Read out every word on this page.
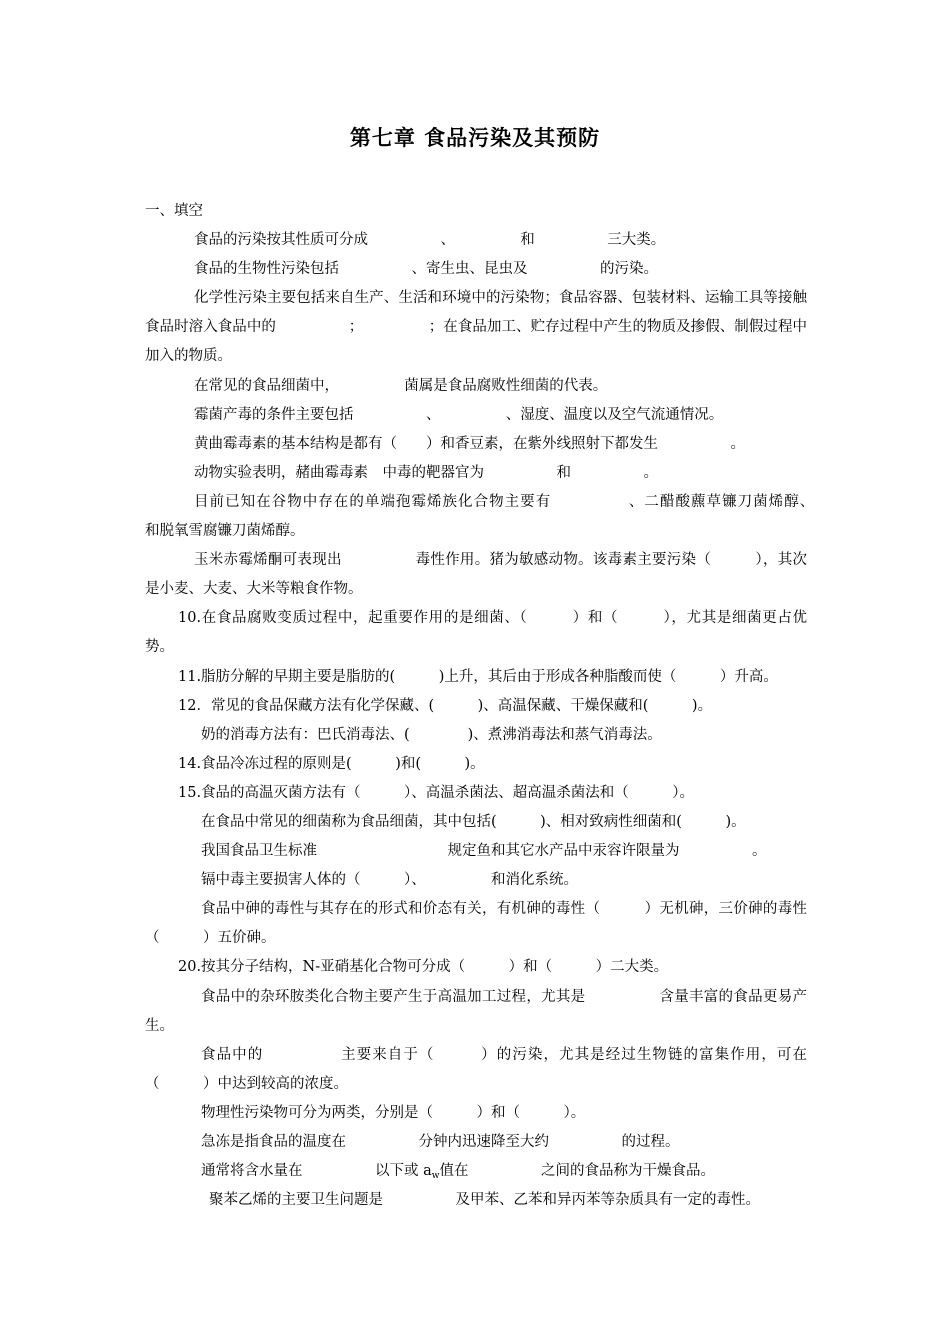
第七章 食品污染及其预防

一、填空

食品的污染按其性质可分成　　　　　、　　　　　和　　　　　三大类。

食品的生物性污染包括　　　　　、寄生虫、昆虫及　　　　　的污染。

化学性污染主要包括来自生产、生活和环境中的污染物；食品容器、包装材料、运输工具等接触食品时溶入食品中的　　　　　；　　　　　；在食品加工、贮存过程中产生的物质及掺假、制假过程中加入的物质。

在常见的食品细菌中，　　　　　菌属是食品腐败性细菌的代表。

霉菌产毒的条件主要包括　　　　　、　　　　　、湿度、温度以及空气流通情况。

黄曲霉毒素的基本结构是都有（　　）和香豆素，在紫外线照射下都发生　　　　　。

动物实验表明，赭曲霉毒素　中毒的靶器官为　　　　　和　　　　　。

目前已知在谷物中存在的单端孢霉烯族化合物主要有　　　　　、二醋酸藨草镰刀菌烯醇、　　　　　和脱氧雪腐镰刀菌烯醇。

玉米赤霉烯酮可表现出　　　　　毒性作用。猪为敏感动物。该毒素主要污染（　　　），其次是小麦、大麦、大米等粮食作物。

10.在食品腐败变质过程中，起重要作用的是细菌、（　　　）和（　　　），尤其是细菌更占优势。

11.脂肪分解的早期主要是脂肪的(　　　)上升，其后由于形成各种脂酸而使（　　　）升高。

12．常见的食品保藏方法有化学保藏、(　　　)、高温保藏、干燥保藏和(　　　)。

奶的消毒方法有：巴氏消毒法、(　　　　)、煮沸消毒法和蒸气消毒法。

14.食品冷冻过程的原则是(　　　)和(　　　)。

15.食品的高温灭菌方法有（　　　）、高温杀菌法、超高温杀菌法和（　　　）。

在食品中常见的细菌称为食品细菌，其中包括(　　　)、相对致病性细菌和(　　　)。

我国食品卫生标准　　　　　　　　　规定鱼和其它水产品中汞容许限量为　　　　　。

镉中毒主要损害人体的（　　　）、　　　　　和消化系统。

食品中砷的毒性与其存在的形式和价态有关，有机砷的毒性（　　　）无机砷，三价砷的毒性（　　　）五价砷。

20.按其分子结构，N-亚硝基化合物可分成（　　　）和（　　　）二大类。

食品中的杂环胺类化合物主要产生于高温加工过程，尤其是　　　　　含量丰富的食品更易产生。

食品中的　　　　　主要来自于（　　　）的污染，尤其是经过生物链的富集作用，可在（　　　）中达到较高的浓度。

物理性污染物可分为两类，分别是（　　　）和（　　　）。

急冻是指食品的温度在　　　　　分钟内迅速降至大约　　　　　的过程。

通常将含水量在　　　　　以下或 $a_w$值在　　　　　之间的食品称为干燥食品。

聚苯乙烯的主要卫生问题是　　　　　及甲苯、乙苯和异丙苯等杂质具有一定的毒性。
